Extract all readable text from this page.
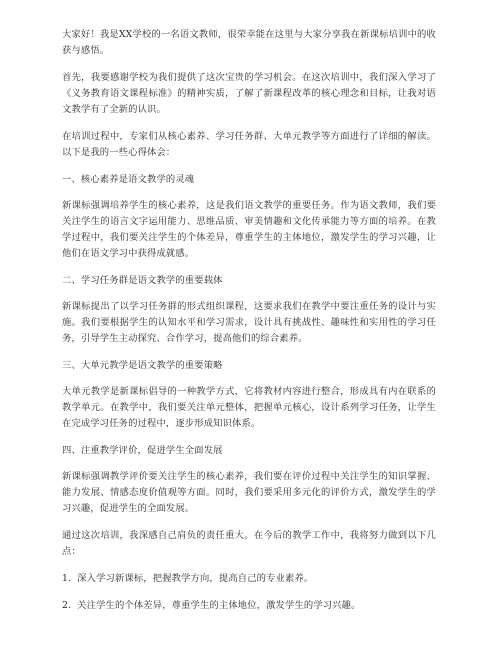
大家好！我是XX学校的一名语文教师，很荣幸能在这里与大家分享我在新课标培训中的收获与感悟。

首先，我要感谢学校为我们提供了这次宝贵的学习机会。在这次培训中，我们深入学习了《义务教育语文课程标准》的精神实质，了解了新课程改革的核心理念和目标，让我对语文教学有了全新的认识。

在培训过程中，专家们从核心素养、学习任务群、大单元教学等方面进行了详细的解读。以下是我的一些心得体会：

一、核心素养是语文教学的灵魂

新课标强调培养学生的核心素养，这是我们语文教学的重要任务。作为语文教师，我们要关注学生的语言文字运用能力、思维品质、审美情趣和文化传承能力等方面的培养。在教学过程中，我们要关注学生的个体差异，尊重学生的主体地位，激发学生的学习兴趣，让他们在语文学习中获得成就感。

二、学习任务群是语文教学的重要载体

新课标提出了以学习任务群的形式组织课程，这要求我们在教学中要注重任务的设计与实施。我们要根据学生的认知水平和学习需求，设计具有挑战性、趣味性和实用性的学习任务，引导学生主动探究、合作学习，提高他们的综合素养。

三、大单元教学是语文教学的重要策略

大单元教学是新课标倡导的一种教学方式，它将教材内容进行整合，形成具有内在联系的教学单元。在教学中，我们要关注单元整体，把握单元核心，设计系列学习任务，让学生在完成学习任务的过程中，逐步形成知识体系。

四、注重教学评价，促进学生全面发展

新课标强调教学评价要关注学生的核心素养，我们要在评价过程中关注学生的知识掌握、能力发展、情感态度价值观等方面。同时，我们要采用多元化的评价方式，激发学生的学习兴趣，促进学生的全面发展。

通过这次培训，我深感自己肩负的责任重大。在今后的教学工作中，我将努力做到以下几点：

1. 深入学习新课标，把握教学方向，提高自己的专业素养。
2. 关注学生的个体差异，尊重学生的主体地位，激发学生的学习兴趣。
